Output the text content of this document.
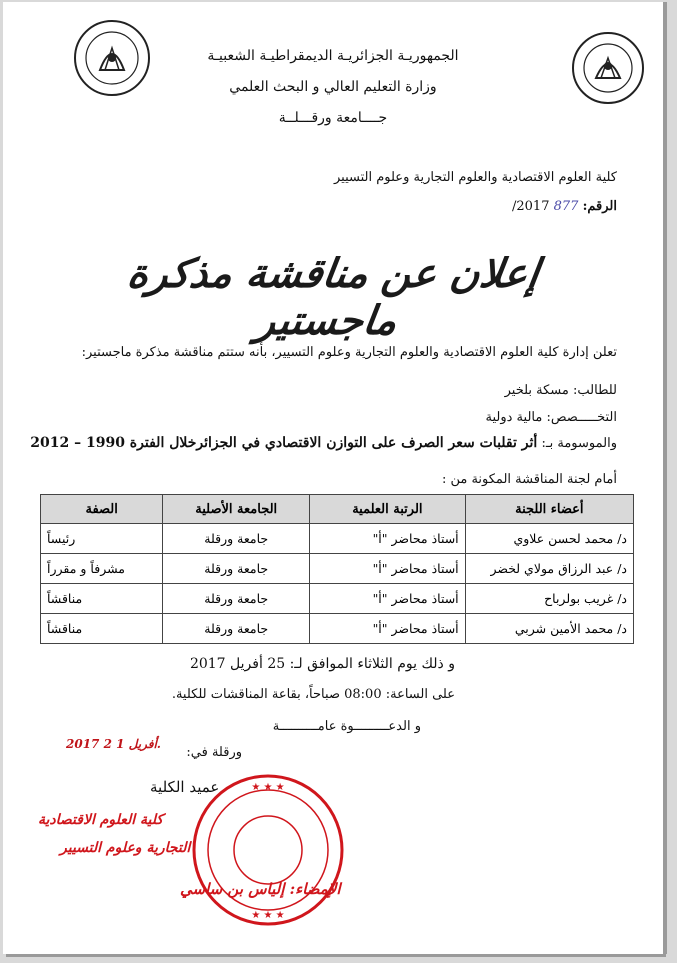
الجمهوريـة الجزائريـة الديمقراطيـة الشعبيـة
وزارة التعليم العالي و البحث العلمي
جــــامعة ورقـــلــة
كلية العلوم الاقتصادية والعلوم التجارية وعلوم التسيير
الرقم: 877 2017/
إعلان عن مناقشة مذكرة ماجستير
تعلن إدارة كلية العلوم الاقتصادية والعلوم التجارية وعلوم التسيير، بأنه ستتم مناقشة مذكرة ماجستير:
للطالب: مسكة بلخير
التخـــــصص: مالية دولية
والموسومة بـ: أثر تقلبات سعر الصرف على التوازن الاقتصادي في الجزائرخلال الفترة 1990 – 2012
أمام لجنة المناقشة المكونة من :
أعضاء اللجنة	الرتبة العلمية	الجامعة الأصلية	الصفة
د/ محمد لحسن علاوي	أستاذ محاضر "أ"	جامعة ورقلة	رئيساً
د/ عبد الرزاق مولاي لخضر	أستاذ محاضر "أ"	جامعة ورقلة	مشرفاً و مقرراً
د/ غريب بولرباح	أستاذ محاضر "أ"	جامعة ورقلة	مناقشاً
د/ محمد الأمين شربي	أستاذ محاضر "أ"	جامعة ورقلة	مناقشاً
و ذلك يوم الثلاثاء الموافق لـ: 25 أفريل 2017
على الساعة: 08:00 صباحاً، بقاعة المناقشات للكلية.
و الدعـــــــــوة عامــــــــــة
ورقلة في:
2017 أفريل 1 2.
عميد الكلية	★ ★ ★
★ ★ ★
كلية العلوم الاقتصادية
التجارية وعلوم التسيير
الإمضاء: إلياس بن ساسي
